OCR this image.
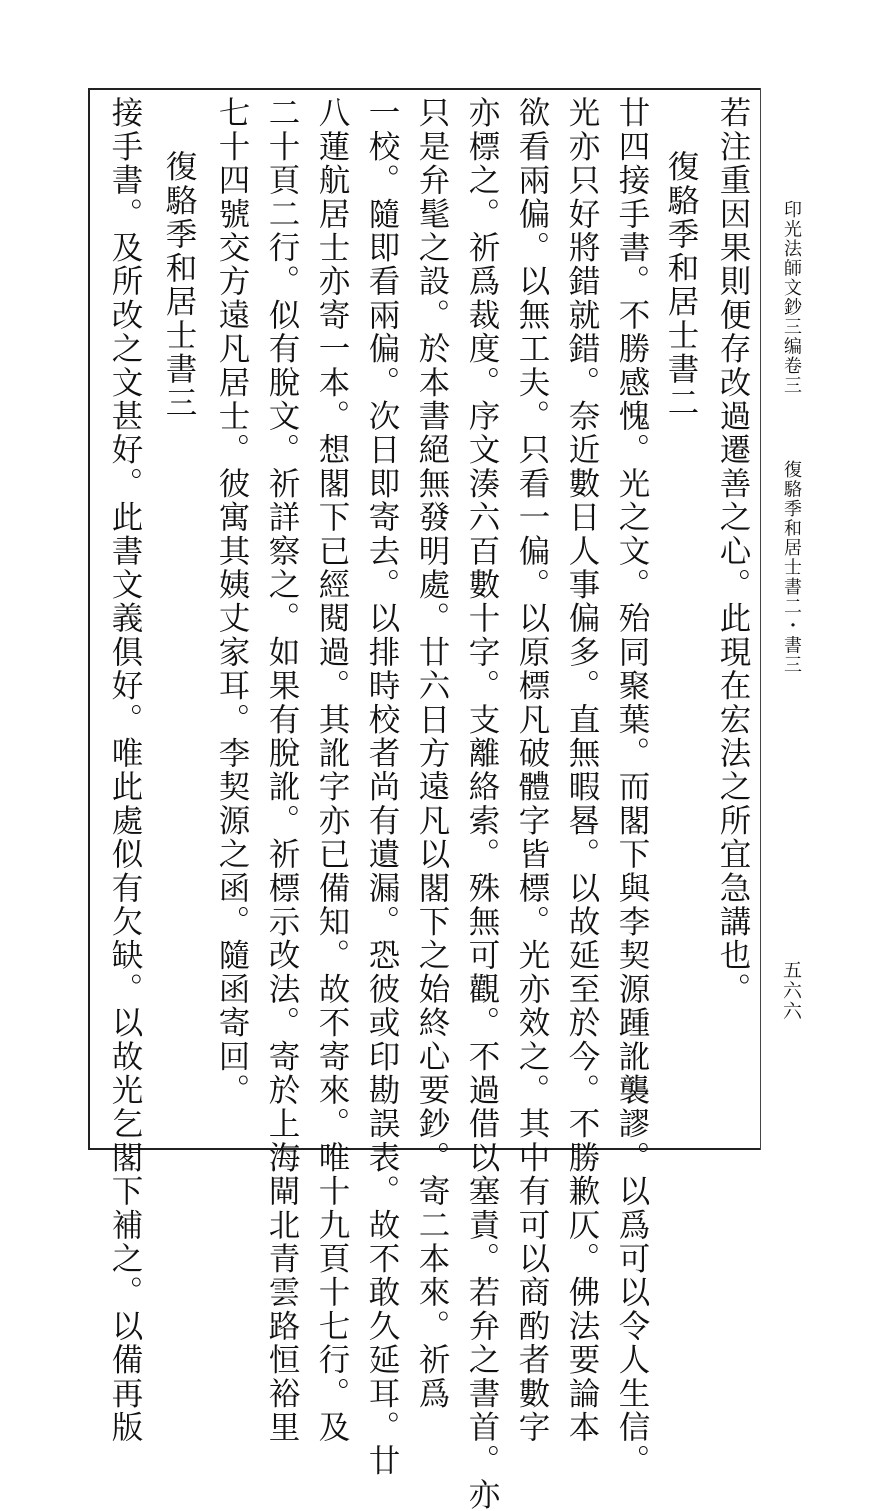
印光法師文鈔三编卷三
復駱季和居士書二・書三
五六六
若注重因果則便存改過遷善之心。此現在宏法之所宜急講也。
復駱季和居士書二
廿四接手書。不勝感愧。光之文。殆同聚葉。而閣下與李契源踵訛襲謬。以爲可以令人生信。
光亦只好將錯就錯。奈近數日人事偏多。直無暇晷。以故延至於今。不勝歉仄。佛法要論本
欲看兩偏。以無工夫。只看一偏。以原標凡破體字皆標。光亦效之。其中有可以商酌者數字
亦標之。祈爲裁度。序文湊六百數十字。支離絡索。殊無可觀。不過借以塞責。若弁之書首。亦
只是弁髦之設。於本書絕無發明處。廿六日方遠凡以閣下之始終心要鈔。寄二本來。祈爲
一校。隨即看兩偏。次日即寄去。以排時校者尚有遺漏。恐彼或印勘誤表。故不敢久延耳。廿
八蓮航居士亦寄一本。想閣下已經閱過。其訛字亦已備知。故不寄來。唯十九頁十七行。及
二十頁二行。似有脫文。祈詳察之。如果有脫訛。祈標示改法。寄於上海閘北青雲路恒裕里
七十四號交方遠凡居士。彼寓其姨丈家耳。李契源之函。隨函寄回。
復駱季和居士書三
接手書。及所改之文甚好。此書文義俱好。唯此處似有欠缺。以故光乞閣下補之。以備再版
